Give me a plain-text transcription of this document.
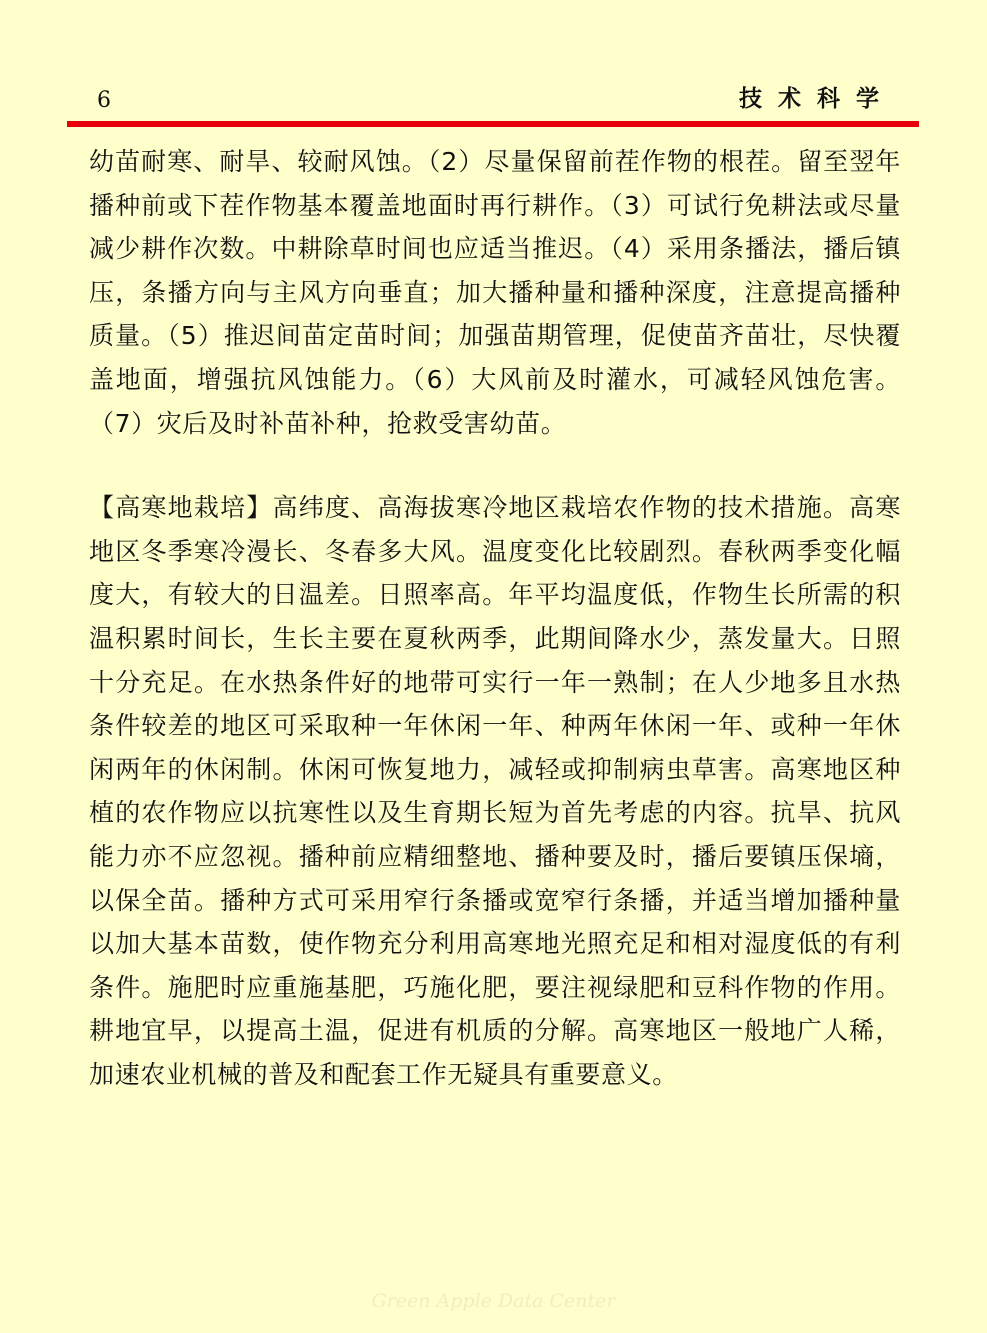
6	技术科学

幼苗耐寒、耐旱、较耐风蚀。（2）尽量保留前茬作物的根茬。留至翌年播种前或下茬作物基本覆盖地面时再行耕作。（3）可试行免耕法或尽量减少耕作次数。中耕除草时间也应适当推迟。（4）采用条播法，播后镇压，条播方向与主风方向垂直；加大播种量和播种深度，注意提高播种质量。（5）推迟间苗定苗时间；加强苗期管理，促使苗齐苗壮，尽快覆盖地面，增强抗风蚀能力。（6）大风前及时灌水，可减轻风蚀危害。（7）灾后及时补苗补种，抢救受害幼苗。

【高寒地栽培】高纬度、高海拔寒冷地区栽培农作物的技术措施。高寒地区冬季寒冷漫长、冬春多大风。温度变化比较剧烈。春秋两季变化幅度大，有较大的日温差。日照率高。年平均温度低，作物生长所需的积温积累时间长，生长主要在夏秋两季，此期间降水少，蒸发量大。日照十分充足。在水热条件好的地带可实行一年一熟制；在人少地多且水热条件较差的地区可采取种一年休闲一年、种两年休闲一年、或种一年休闲两年的休闲制。休闲可恢复地力，减轻或抑制病虫草害。高寒地区种植的农作物应以抗寒性以及生育期长短为首先考虑的内容。抗旱、抗风能力亦不应忽视。播种前应精细整地、播种要及时，播后要镇压保墒，以保全苗。播种方式可采用窄行条播或宽窄行条播，并适当增加播种量以加大基本苗数，使作物充分利用高寒地光照充足和相对湿度低的有利条件。施肥时应重施基肥，巧施化肥，要注视绿肥和豆科作物的作用。耕地宜早，以提高土温，促进有机质的分解。高寒地区一般地广人稀，加速农业机械的普及和配套工作无疑具有重要意义。

Green Apple Data Center
